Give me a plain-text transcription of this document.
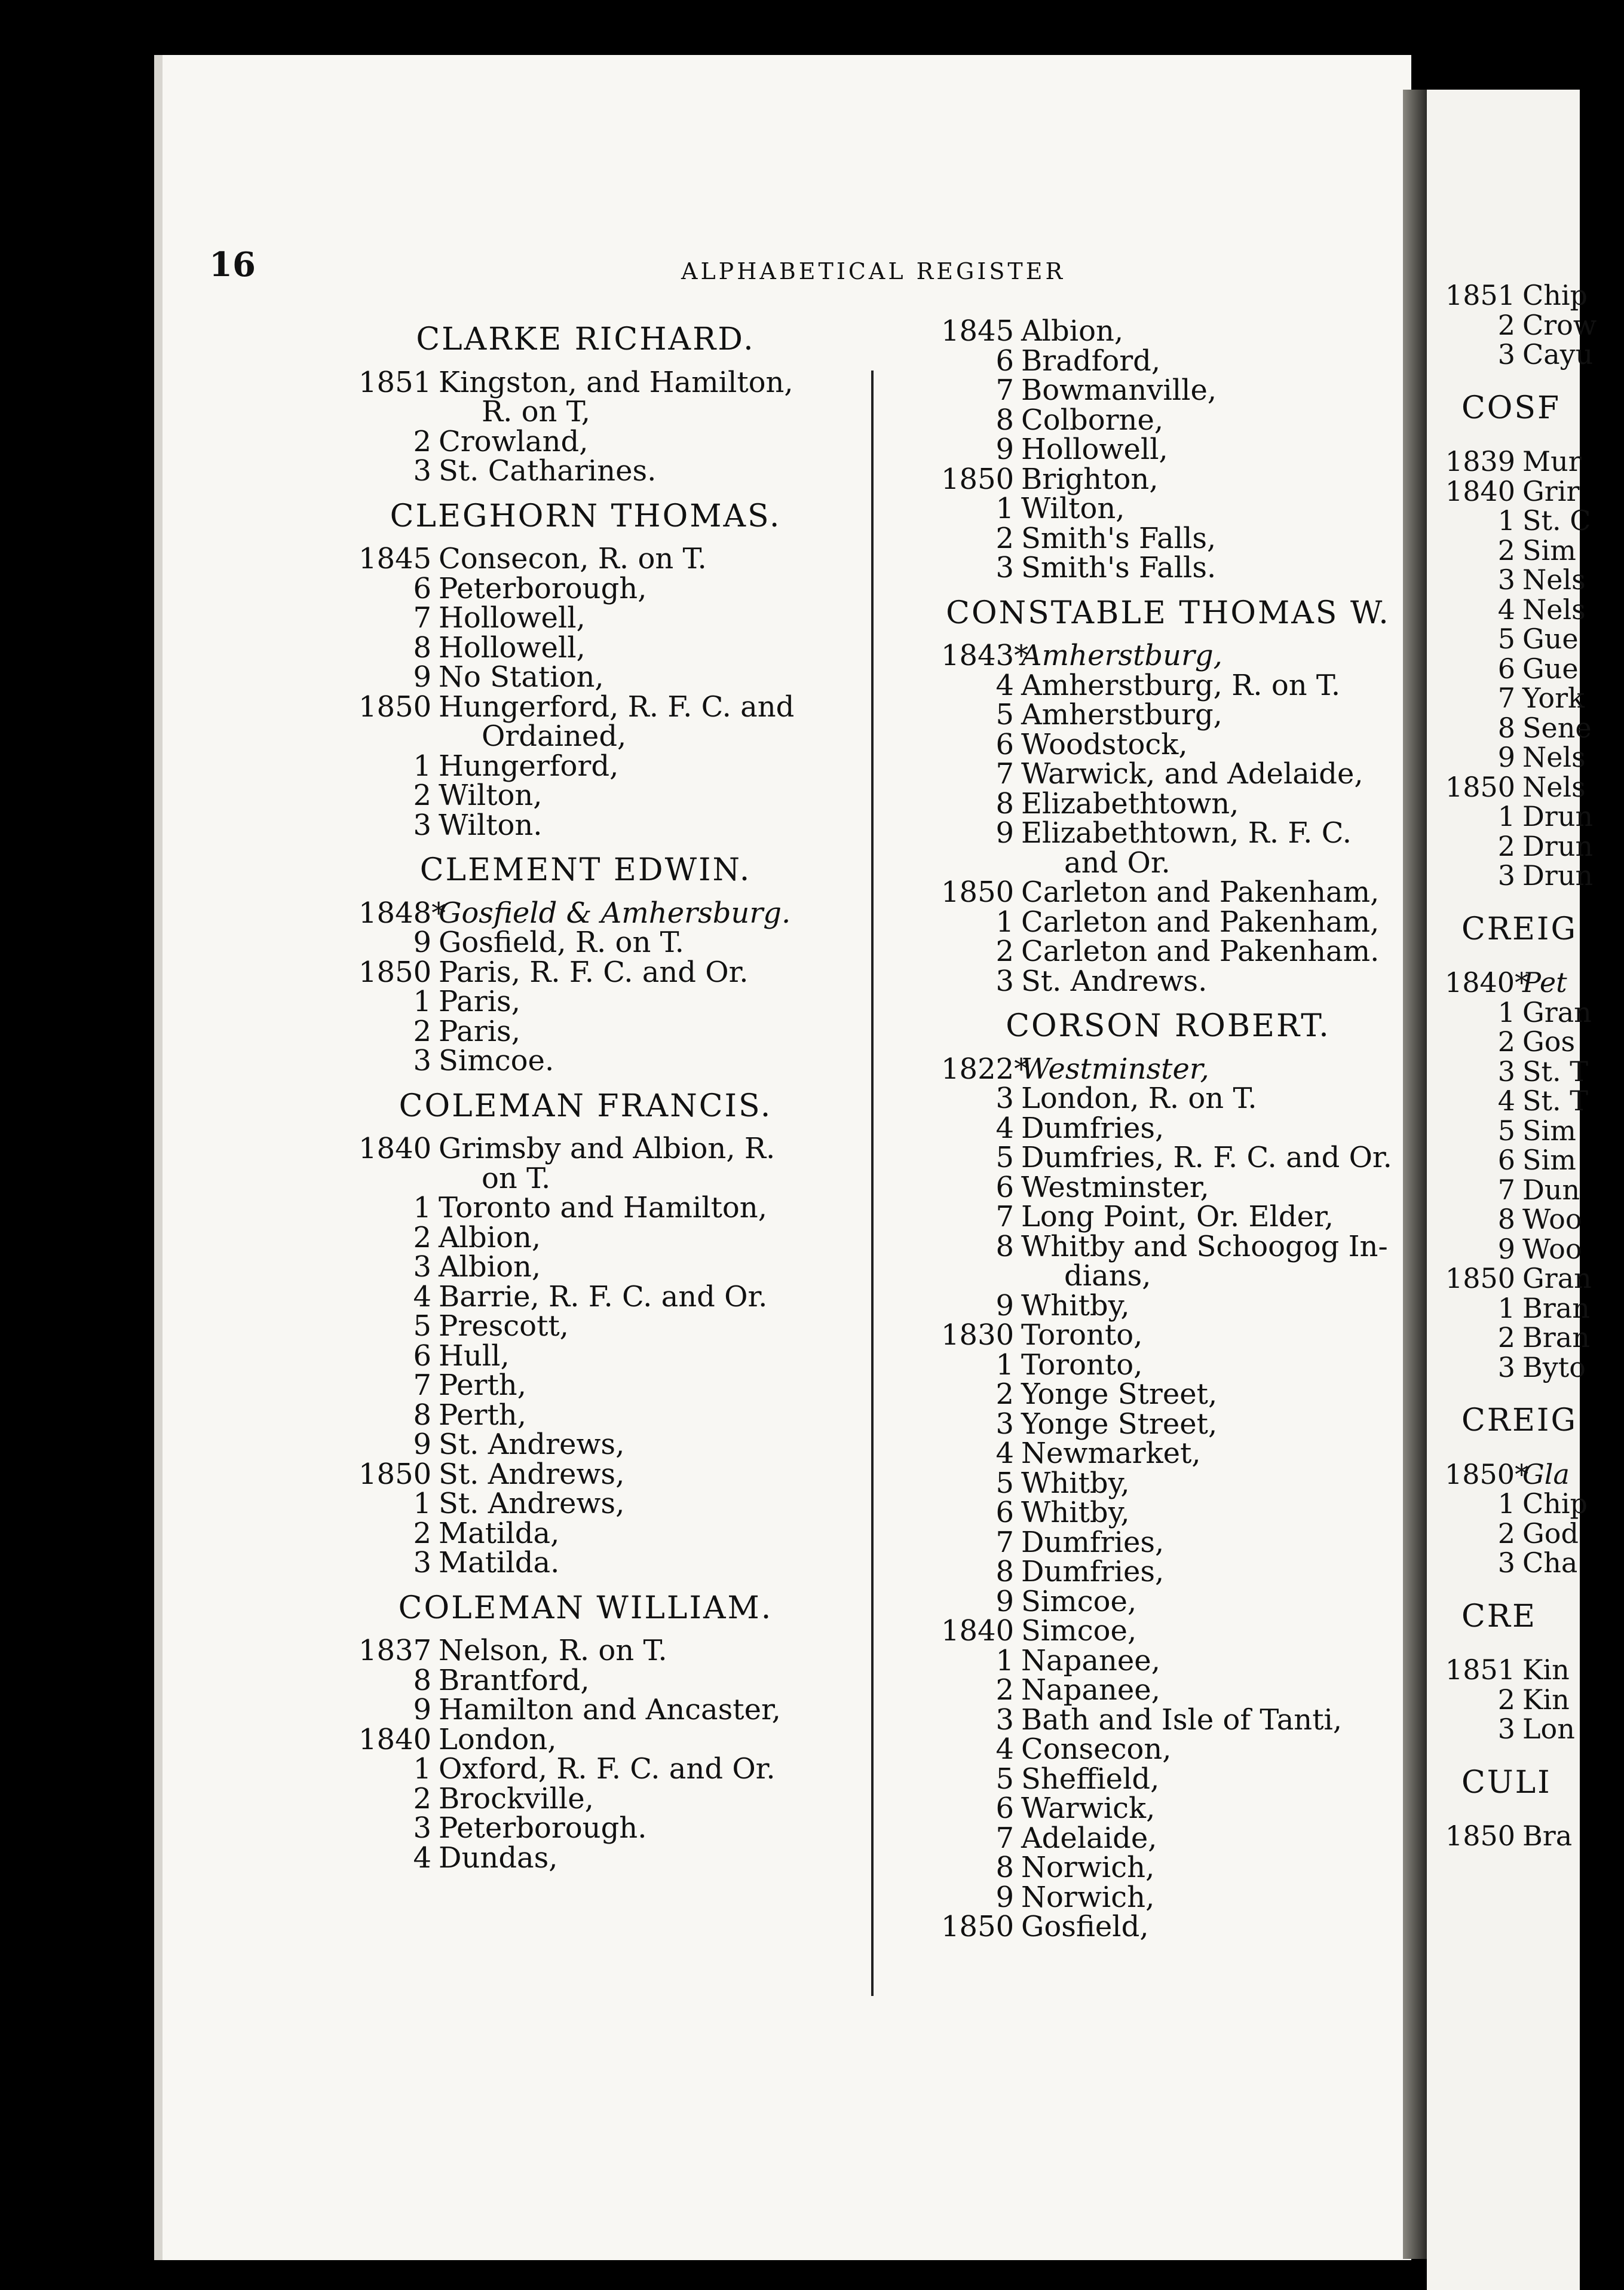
16	ALPHABETICAL REGISTER
CLARKE RICHARD.
1851 Kingston, and Hamilton,
R. on T,
2 Crowland,
3 St. Catharines.
CLEGHORN THOMAS.
1845 Consecon, R. on T.
6 Peterborough,
7 Hollowell,
8 Hollowell,
9 No Station,
1850 Hungerford, R. F. C. and
Ordained,
1 Hungerford,
2 Wilton,
3 Wilton.
CLEMENT EDWIN.
1848*
Gosfield & Amhersburg.
9 Gosfield, R. on T.
1850 Paris, R. F. C. and Or.
1 Paris,
2 Paris,
3 Simcoe.
COLEMAN FRANCIS.
1840 Grimsby and Albion, R.
on T.
1 Toronto and Hamilton,
2 Albion,
3 Albion,
4 Barrie, R. F. C. and Or.
5 Prescott,
6 Hull,
7 Perth,
8 Perth,
9 St. Andrews,
1850 St. Andrews,
1 St. Andrews,
2 Matilda,
3 Matilda.
COLEMAN WILLIAM.
1837 Nelson, R. on T.
8 Brantford,
9 Hamilton and Ancaster,
1840 London,
1 Oxford, R. F. C. and Or.
2 Brockville,
3 Peterborough.
4 Dundas,
1845 Albion,
6 Bradford,
7 Bowmanville,
8 Colborne,
9 Hollowell,
1850 Brighton,
1 Wilton,
2 Smith's Falls,
3 Smith's Falls.
CONSTABLE THOMAS W.
1843*
Amherstburg,
4 Amherstburg, R. on T.
5 Amherstburg,
6 Woodstock,
7 Warwick, and Adelaide,
8 Elizabethtown,
9 Elizabethtown, R. F. C.
and Or.
1850 Carleton and Pakenham,
1 Carleton and Pakenham,
2 Carleton and Pakenham.
3 St. Andrews.
CORSON ROBERT.
1822*
Westminster,
3 London, R. on T.
4 Dumfries,
5 Dumfries, R. F. C. and Or.
6 Westminster,
7 Long Point, Or. Elder,
8 Whitby and Schoogog In-
dians,
9 Whitby,
1830 Toronto,
1 Toronto,
2 Yonge Street,
3 Yonge Street,
4 Newmarket,
5 Whitby,
6 Whitby,
7 Dumfries,
8 Dumfries,
9 Simcoe,
1840 Simcoe,
1 Napanee,
2 Napanee,
3 Bath and Isle of Tanti,
4 Consecon,
5 Sheffield,
6 Warwick,
7 Adelaide,
8 Norwich,
9 Norwich,
1850 Gosfield,
1851 Chip
2 Crow
3 Cayu
COSF
1839 Mur
1840 Grir
1 St. C
2 Sim
3 Nels
4 Nels
5 Gue
6 Gue
7 York
8 Sene
9 Nels
1850 Nels
1 Drun
2 Drun
3 Drun
CREIG
1840*
Pet
1 Gran
2 Gos
3 St. T
4 St. T
5 Sim
6 Sim
7 Dun
8 Woo
9 Woo
1850 Gran
1 Bran
2 Bran
3 Byto
CREIG
1850*
Gla
1 Chip
2 God
3 Cha
CRE
1851 Kin
2 Kin
3 Lon
CULI
1850 Bra
